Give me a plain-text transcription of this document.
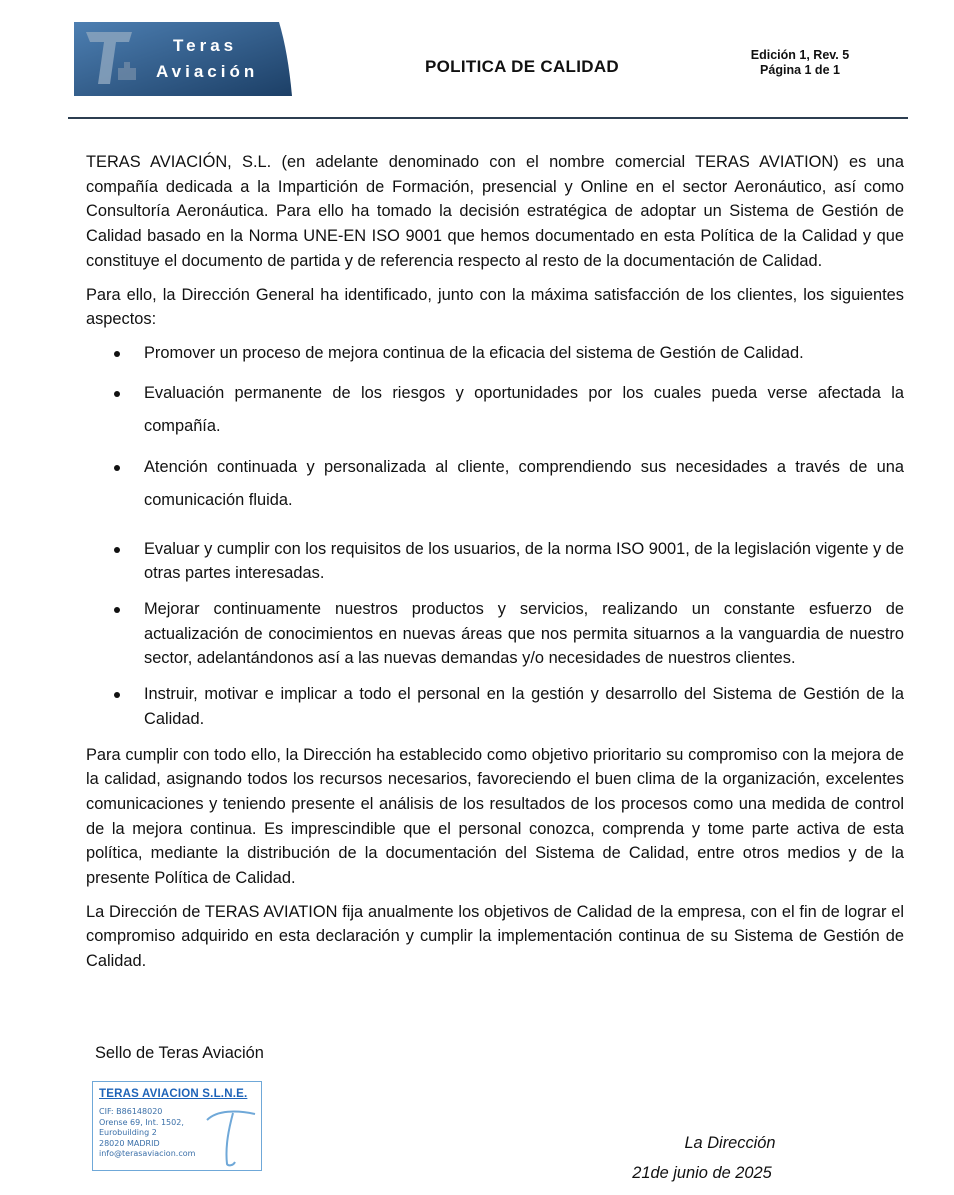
Teras
Aviación	POLITICA DE CALIDAD
Edición 1, Rev. 5
Página 1 de 1

TERAS AVIACIÓN, S.L. (en adelante denominado con el nombre comercial TERAS AVIATION) es una compañía dedicada a la Impartición de Formación, presencial y Online en el sector Aeronáutico, así como Consultoría Aeronáutica. Para ello ha tomado la decisión estratégica de adoptar un Sistema de Gestión de Calidad basado en la Norma UNE-EN ISO 9001 que hemos documentado en esta Política de la Calidad y que constituye el documento de partida y de referencia respecto al resto de la documentación de Calidad.

Para ello, la Dirección General ha identificado, junto con la máxima satisfacción de los clientes, los siguientes aspectos:

Promover un proceso de mejora continua de la eficacia del sistema de Gestión de Calidad.
Evaluación permanente de los riesgos y oportunidades por los cuales pueda verse afectada la compañía.
Atención continuada y personalizada al cliente, comprendiendo sus necesidades a través de una comunicación fluida.
Evaluar y cumplir con los requisitos de los usuarios, de la norma ISO 9001, de la legislación vigente y de otras partes interesadas.
Mejorar continuamente nuestros productos y servicios, realizando un constante esfuerzo de actualización de conocimientos en nuevas áreas que nos permita situarnos a la vanguardia de nuestro sector, adelantándonos así a las nuevas demandas y/o necesidades de nuestros clientes.
Instruir, motivar e implicar a todo el personal en la gestión y desarrollo del Sistema de Gestión de la Calidad.

Para cumplir con todo ello, la Dirección ha establecido como objetivo prioritario su compromiso con la mejora de la calidad, asignando todos los recursos necesarios, favoreciendo el buen clima de la organización, excelentes comunicaciones y teniendo presente el análisis de los resultados de los procesos como una medida de control de la mejora continua. Es imprescindible que el personal conozca, comprenda y tome parte activa de esta política, mediante la distribución de la documentación del Sistema de Calidad, entre otros medios y de la presente Política de Calidad.

La Dirección de TERAS AVIATION fija anualmente los objetivos de Calidad de la empresa, con el fin de lograr el compromiso adquirido en esta declaración y cumplir la implementación continua de su Sistema de Gestión de Calidad.

Sello de Teras Aviación
TERAS AVIACION S.L.N.E.
CIF: B86148020
Orense 69, Int. 1502,
Eurobuilding 2
28020 MADRID
info@terasaviacion.com
La Dirección
21de junio de 2025
